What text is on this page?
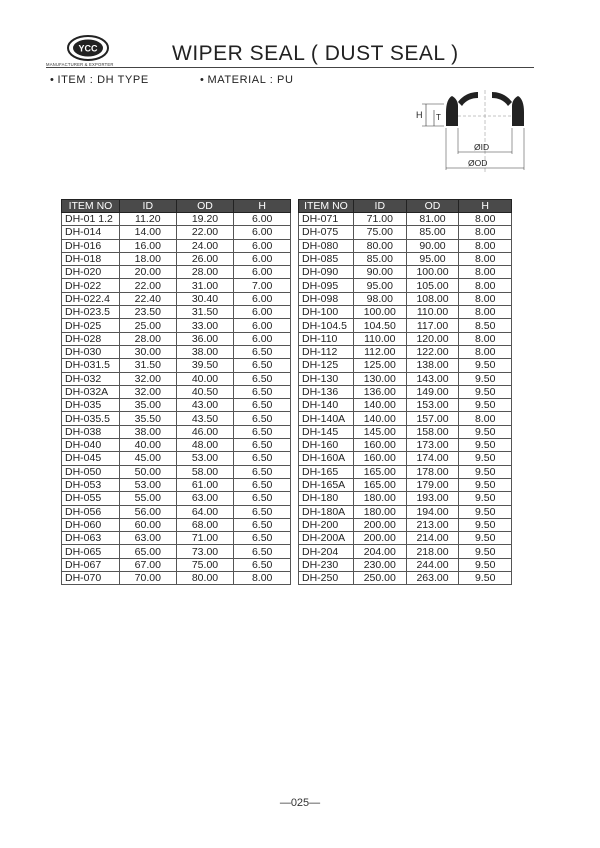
YCC
MANUFACTURER & EXPORTER	WIPER SEAL ( DUST SEAL )
• ITEM : DH TYPE	• MATERIAL : PU
H T
ØID
ØOD
ITEM NO	ID	OD	H
DH-01 1.2	11.20	19.20	6.00
DH-014	14.00	22.00	6.00
DH-016	16.00	24.00	6.00
DH-018	18.00	26.00	6.00
DH-020	20.00	28.00	6.00
DH-022	22.00	31.00	7.00
DH-022.4	22.40	30.40	6.00
DH-023.5	23.50	31.50	6.00
DH-025	25.00	33.00	6.00
DH-028	28.00	36.00	6.00
DH-030	30.00	38.00	6.50
DH-031.5	31.50	39.50	6.50
DH-032	32.00	40.00	6.50
DH-032A	32.00	40.50	6.50
DH-035	35.00	43.00	6.50
DH-035.5	35.50	43.50	6.50
DH-038	38.00	46.00	6.50
DH-040	40.00	48.00	6.50
DH-045	45.00	53.00	6.50
DH-050	50.00	58.00	6.50
DH-053	53.00	61.00	6.50
DH-055	55.00	63.00	6.50
DH-056	56.00	64.00	6.50
DH-060	60.00	68.00	6.50
DH-063	63.00	71.00	6.50
DH-065	65.00	73.00	6.50
DH-067	67.00	75.00	6.50
DH-070	70.00	80.00	8.00
ITEM NO	ID	OD	H
DH-071	71.00	81.00	8.00
DH-075	75.00	85.00	8.00
DH-080	80.00	90.00	8.00
DH-085	85.00	95.00	8.00
DH-090	90.00	100.00	8.00
DH-095	95.00	105.00	8.00
DH-098	98.00	108.00	8.00
DH-100	100.00	110.00	8.00
DH-104.5	104.50	117.00	8.50
DH-110	110.00	120.00	8.00
DH-112	112.00	122.00	8.00
DH-125	125.00	138.00	9.50
DH-130	130.00	143.00	9.50
DH-136	136.00	149.00	9.50
DH-140	140.00	153.00	9.50
DH-140A	140.00	157.00	8.00
DH-145	145.00	158.00	9.50
DH-160	160.00	173.00	9.50
DH-160A	160.00	174.00	9.50
DH-165	165.00	178.00	9.50
DH-165A	165.00	179.00	9.50
DH-180	180.00	193.00	9.50
DH-180A	180.00	194.00	9.50
DH-200	200.00	213.00	9.50
DH-200A	200.00	214.00	9.50
DH-204	204.00	218.00	9.50
DH-230	230.00	244.00	9.50
DH-250	250.00	263.00	9.50
—025—
